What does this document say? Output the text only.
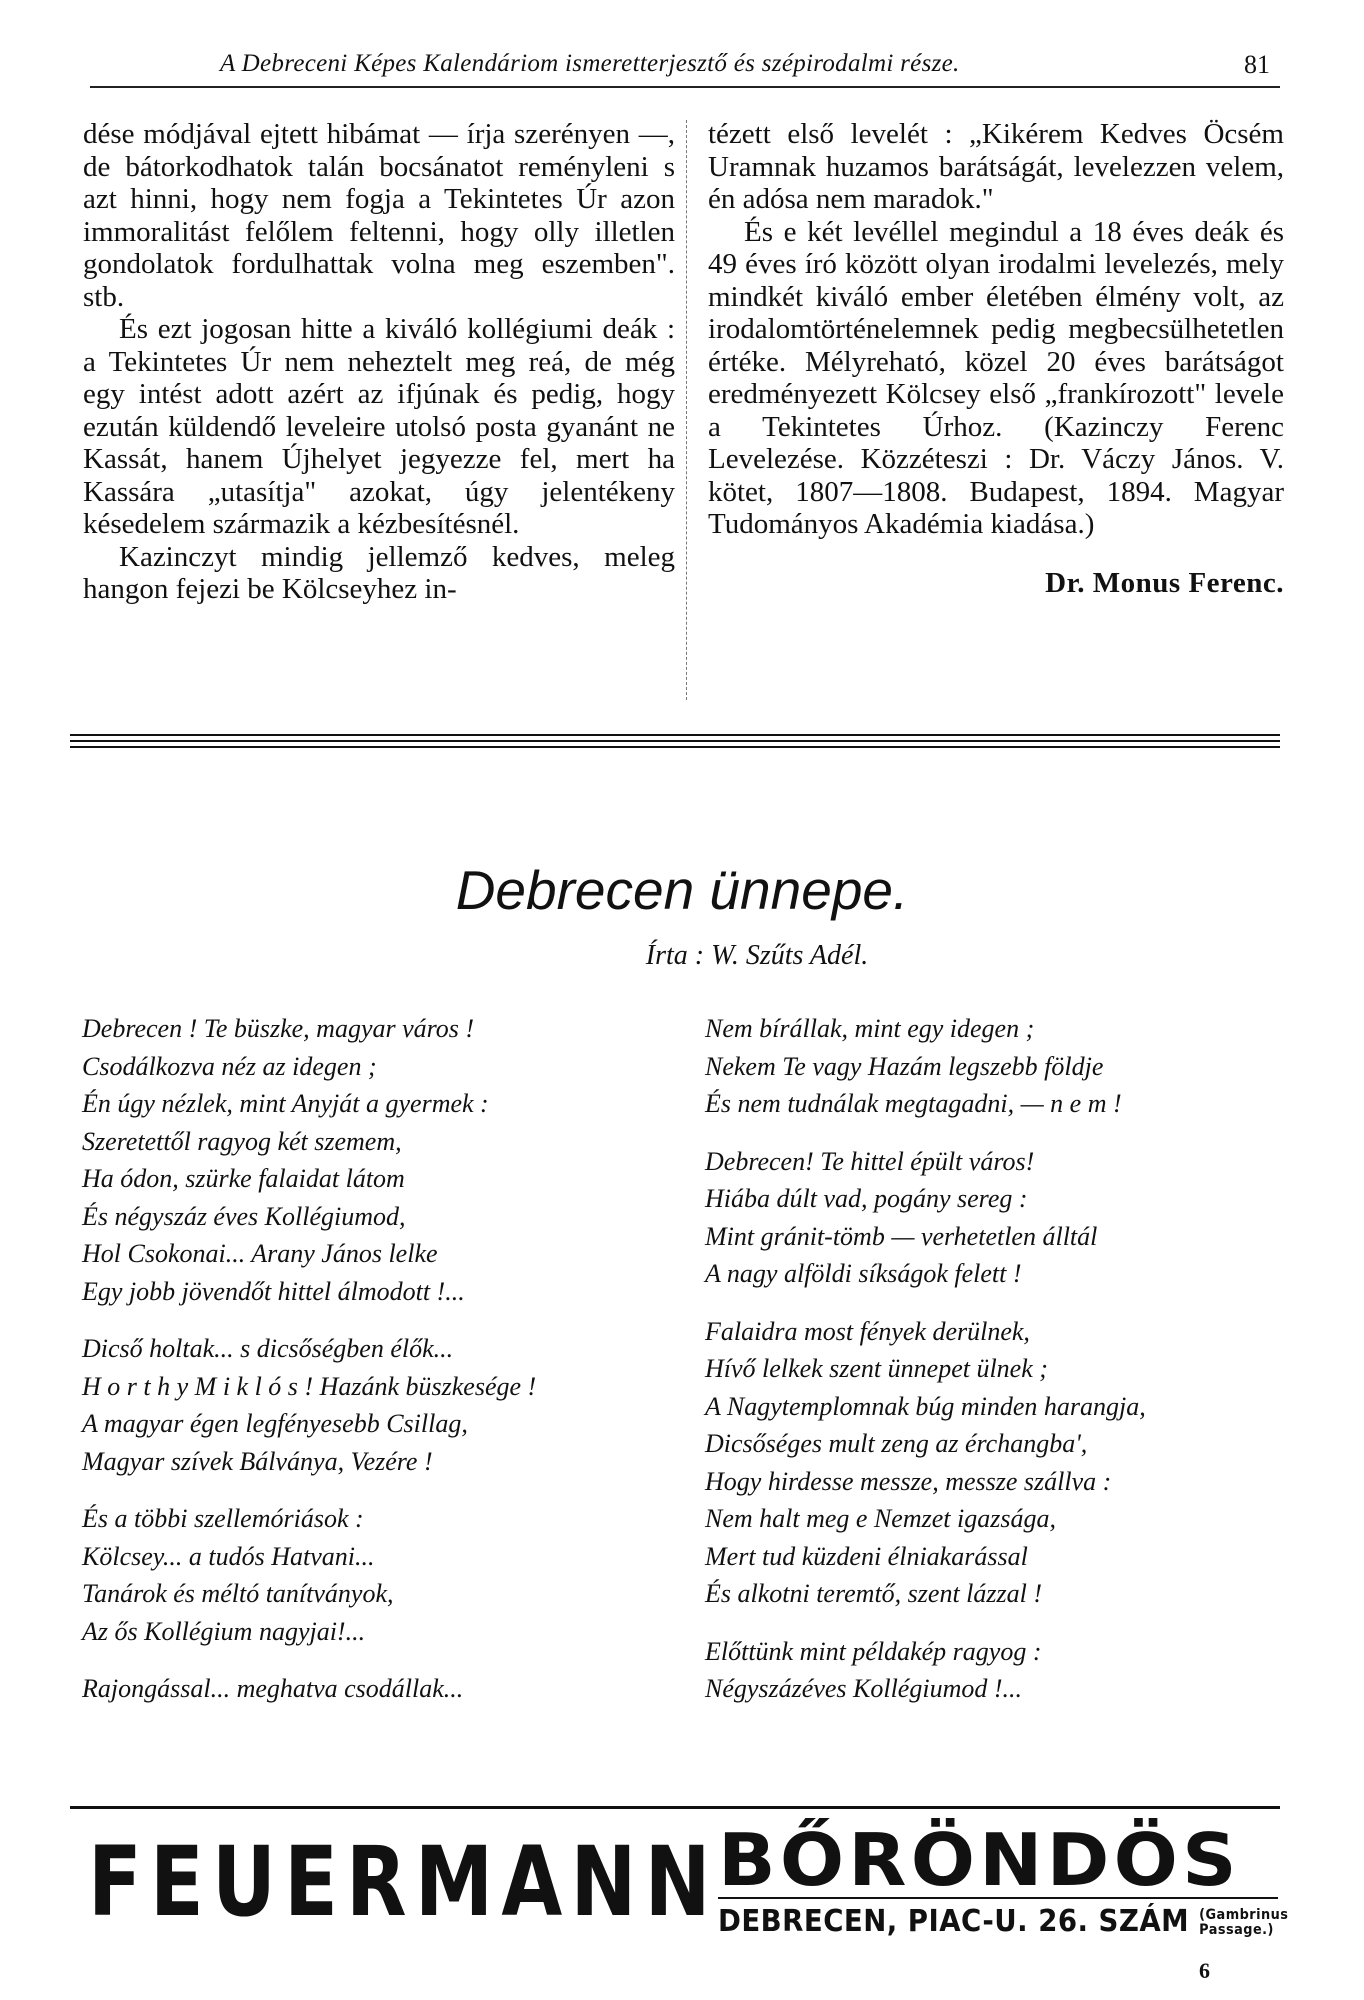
A Debreceni Képes Kalendáriom ismeretterjesztő és szépirodalmi része.	81

dése módjával ejtett hibámat — írja szerényen —, de bátorkodhatok talán bocsánatot reményleni s azt hinni, hogy nem fogja a Tekintetes Úr azon immoralitást felőlem feltenni, hogy olly illetlen gondolatok fordulhattak volna meg eszemben". stb.

És ezt jogosan hitte a kiváló kollégiumi deák : a Tekintetes Úr nem neheztelt meg reá, de még egy intést adott azért az ifjúnak és pedig, hogy ezután küldendő leveleire utolsó posta gyanánt ne Kassát, hanem Újhelyet jegyezze fel, mert ha Kassára „utasítja" azokat, úgy jelentékeny késedelem származik a kézbesítésnél.

Kazinczyt mindig jellemző kedves, meleg hangon fejezi be Kölcseyhez in-

tézett első levelét : „Kikérem Kedves Öcsém Uramnak huzamos barátságát, levelezzen velem, én adósa nem maradok."

És e két levéllel megindul a 18 éves deák és 49 éves író között olyan irodalmi levelezés, mely mindkét kiváló ember életében élmény volt, az irodalomtörténelemnek pedig megbecsülhetetlen értéke. Mélyreható, közel 20 éves barátságot eredményezett Kölcsey első „frankírozott" levele a Tekintetes Úrhoz. (Kazinczy Ferenc Levelezése. Közzéteszi : Dr. Váczy János. V. kötet, 1807—1808. Budapest, 1894. Magyar Tudományos Akadémia kiadása.)

Dr. Monus Ferenc.
Debrecen ünnepe.
Írta : W. Szűts Adél.
Debrecen ! Te büszke, magyar város !
Csodálkozva néz az idegen ;
Én úgy nézlek, mint Anyját a gyermek :
Szeretettől ragyog két szemem,
Ha ódon, szürke falaidat látom
És négyszáz éves Kollégiumod,
Hol Csokonai... Arany János lelke
Egy jobb jövendőt hittel álmodott !...
Dicső holtak... s dicsőségben élők...
H o r t h y M i k l ó s ! Hazánk büszkesége !
A magyar égen legfényesebb Csillag,
Magyar szívek Bálványa, Vezére !
És a többi szellemóriások :
Kölcsey... a tudós Hatvani...
Tanárok és méltó tanítványok,
Az ős Kollégium nagyjai!...
Rajongással... meghatva csodállak...
Nem bírállak, mint egy idegen ;
Nekem Te vagy Hazám legszebb földje
És nem tudnálak megtagadni, — n e m !
Debrecen! Te hittel épült város!
Hiába dúlt vad, pogány sereg :
Mint gránit-tömb — verhetetlen álltál
A nagy alföldi síkságok felett !
Falaidra most fények derülnek,
Hívő lelkek szent ünnepet ülnek ;
A Nagytemplomnak búg minden harangja,
Dicsőséges mult zeng az érchangba',
Hogy hirdesse messze, messze szállva :
Nem halt meg e Nemzet igazsága,
Mert tud küzdeni élniakarással
És alkotni teremtő, szent lázzal !
Előttünk mint példakép ragyog :
Négyszázéves Kollégiumod !...
FEUERMANN BŐRÖNDÖS
DEBRECEN, PIAC-U. 26. SZÁM (Gambrinus
Passage.)
6
